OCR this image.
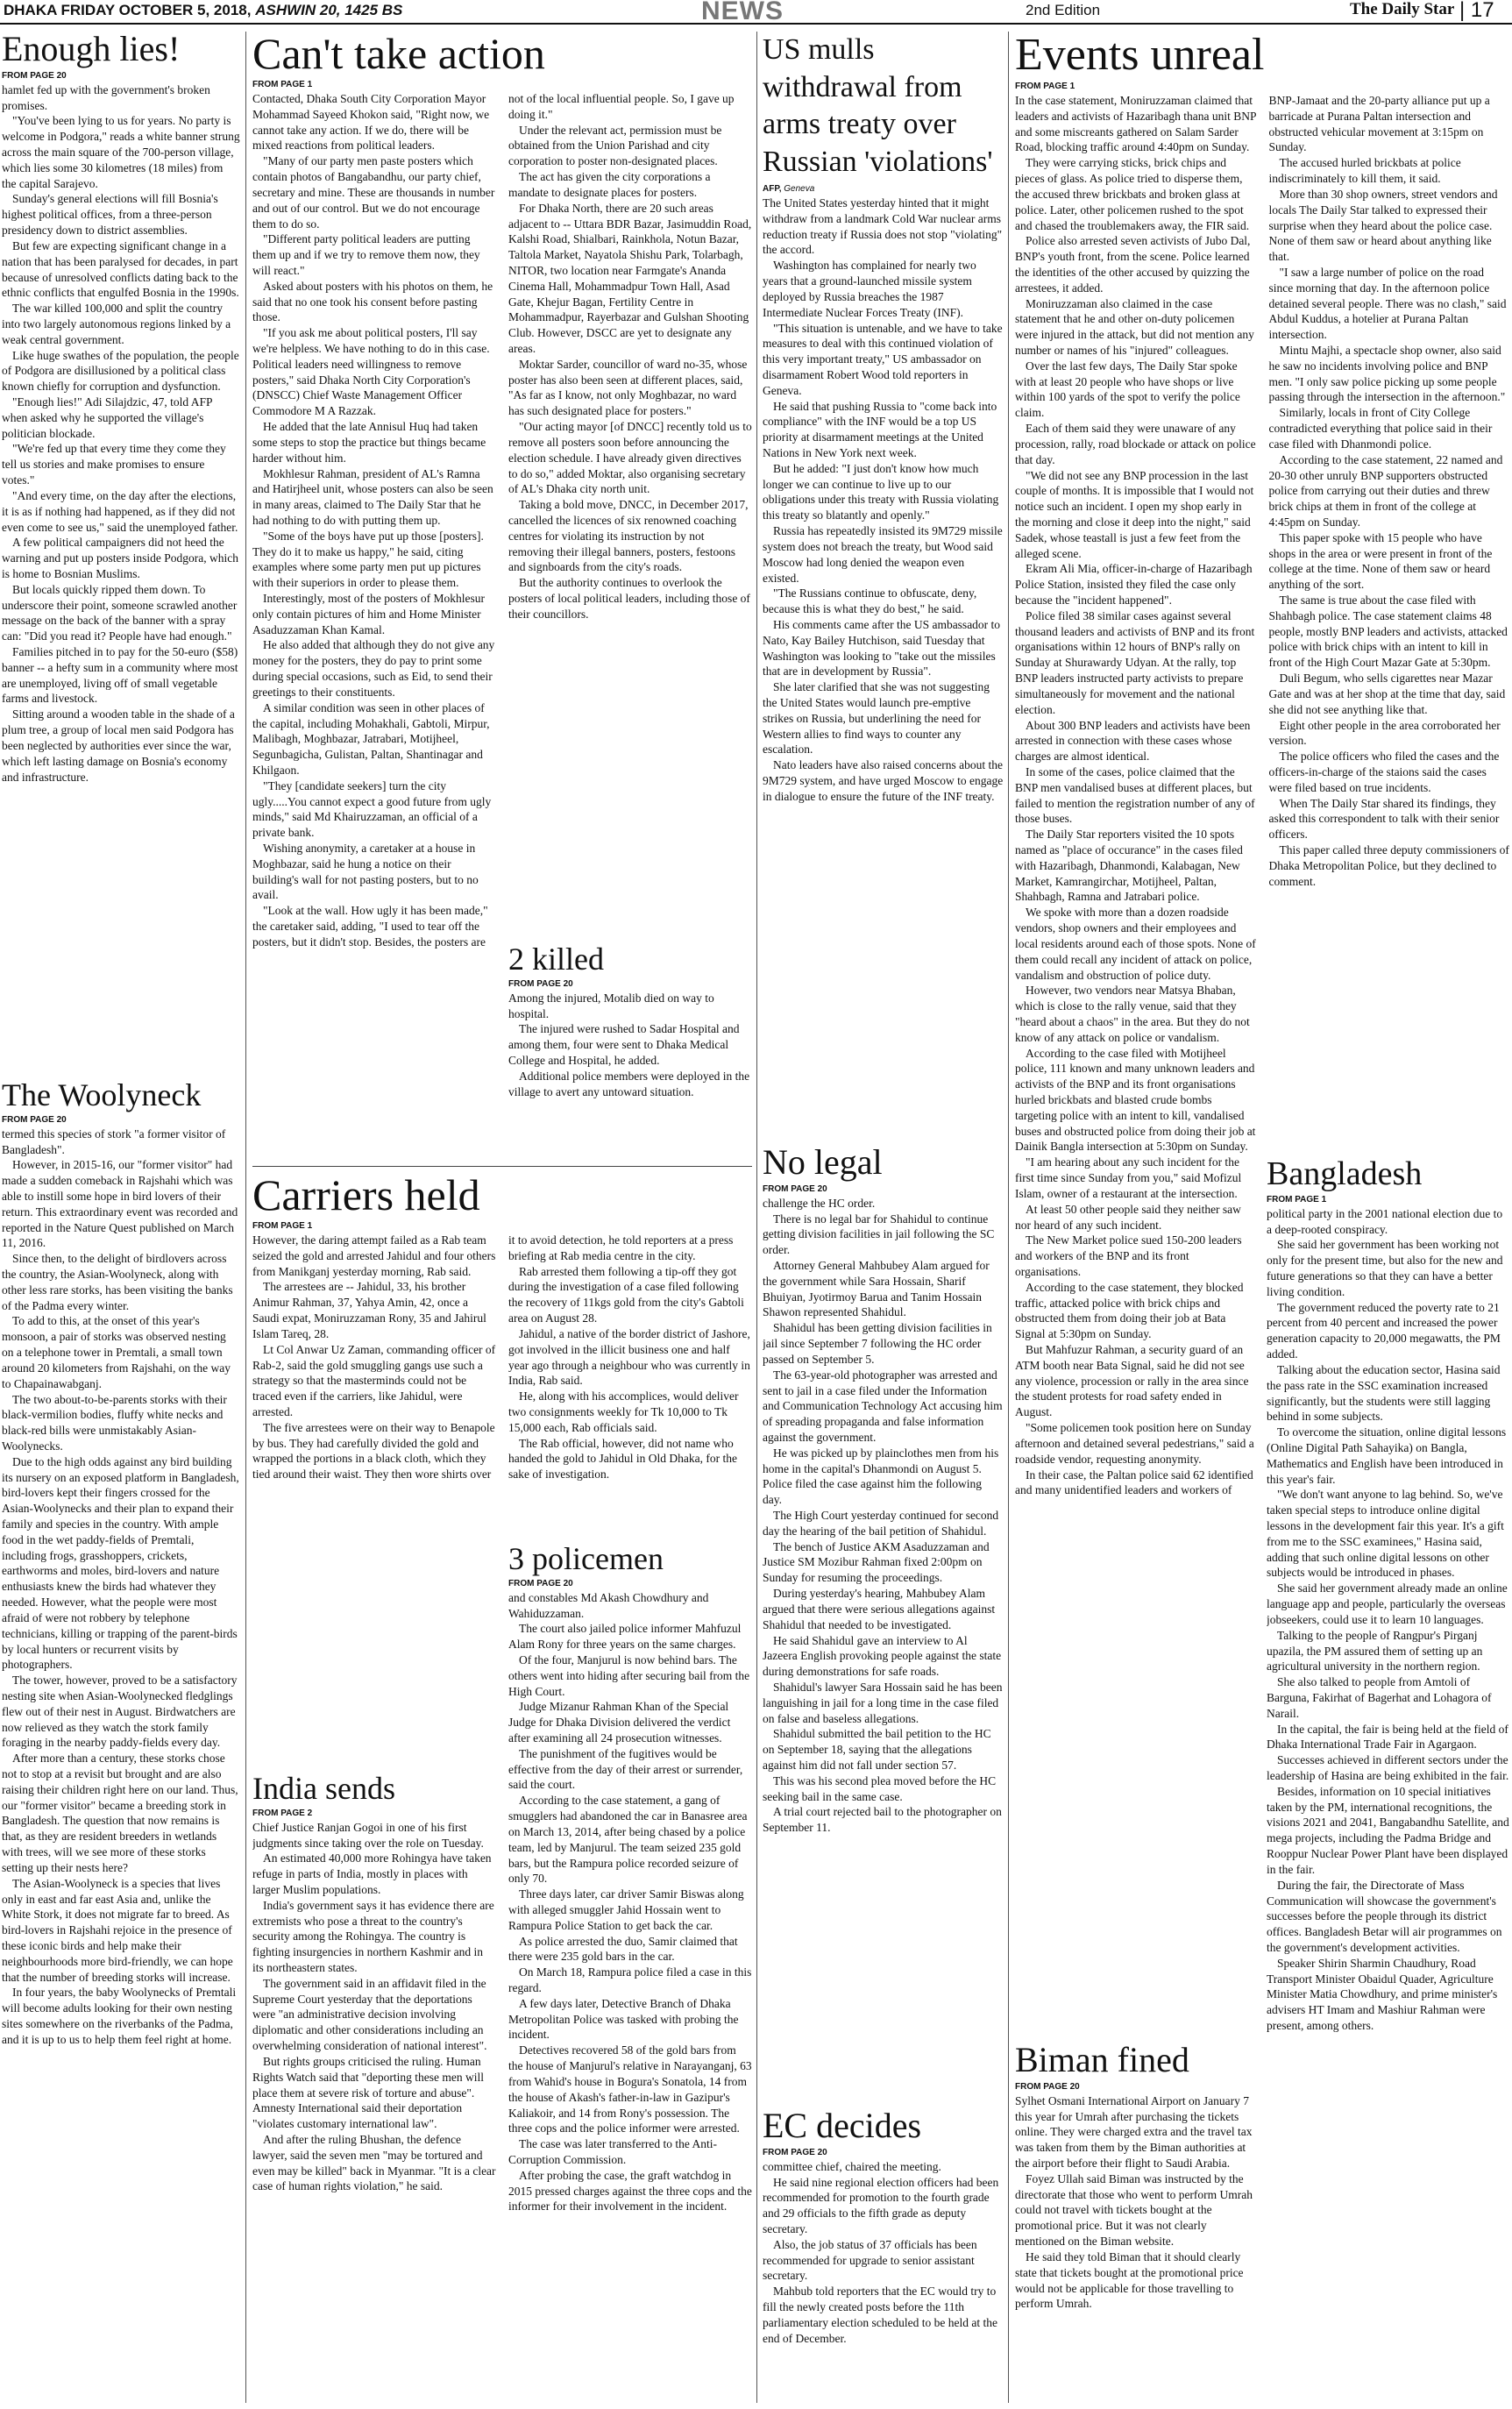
DHAKA FRIDAY OCTOBER 5, 2018, ASHWIN 20, 1425 BS	NEWS	2nd Edition	The Daily Star | 17
Enough lies!
FROM PAGE 20

hamlet fed up with the government's broken promises.

"You've been lying to us for years. No party is welcome in Podgora," reads a white banner strung across the main square of the 700-person village, which lies some 30 kilometres (18 miles) from the capital Sarajevo.

Sunday's general elections will fill Bosnia's highest political offices, from a three-person presidency down to district assemblies.

But few are expecting significant change in a nation that has been paralysed for decades, in part because of unresolved conflicts dating back to the ethnic conflicts that engulfed Bosnia in the 1990s.

The war killed 100,000 and split the country into two largely autonomous regions linked by a weak central government.

Like huge swathes of the population, the people of Podgora are disillusioned by a political class known chiefly for corruption and dysfunction.

"Enough lies!" Adi Silajdzic, 47, told AFP when asked why he supported the village's politician blockade.

"We're fed up that every time they come they tell us stories and make promises to ensure votes."

"And every time, on the day after the elections, it is as if nothing had happened, as if they did not even come to see us," said the unemployed father.

A few political campaigners did not heed the warning and put up posters inside Podgora, which is home to Bosnian Muslims.

But locals quickly ripped them down. To underscore their point, someone scrawled another message on the back of the banner with a spray can: "Did you read it? People have had enough."

Families pitched in to pay for the 50-euro ($58) banner -- a hefty sum in a community where most are unemployed, living off of small vegetable farms and livestock.

Sitting around a wooden table in the shade of a plum tree, a group of local men said Podgora has been neglected by authorities ever since the war, which left lasting damage on Bosnia's economy and infrastructure.

The Woolyneck
FROM PAGE 20

termed this species of stork "a former visitor of Bangladesh".

However, in 2015-16, our "former visitor" had made a sudden comeback in Rajshahi which was able to instill some hope in bird lovers of their return. This extraordinary event was recorded and reported in the Nature Quest published on March 11, 2016.

Since then, to the delight of birdlovers across the country, the Asian-Woolyneck, along with other less rare storks, has been visiting the banks of the Padma every winter.

To add to this, at the onset of this year's monsoon, a pair of storks was observed nesting on a telephone tower in Premtali, a small town around 20 kilometers from Rajshahi, on the way to Chapainawabganj.

The two about-to-be-parents storks with their black-vermilion bodies, fluffy white necks and black-red bills were unmistakably Asian-Woolynecks.

Due to the high odds against any bird building its nursery on an exposed platform in Bangladesh, bird-lovers kept their fingers crossed for the Asian-Woolynecks and their plan to expand their family and species in the country. With ample food in the wet paddy-fields of Premtali, including frogs, grasshoppers, crickets, earthworms and moles, bird-lovers and nature enthusiasts knew the birds had whatever they needed. However, what the people were most afraid of were not robbery by telephone technicians, killing or trapping of the parent-birds by local hunters or recurrent visits by photographers.

The tower, however, proved to be a satisfactory nesting site when Asian-Woolynecked fledglings flew out of their nest in August. Birdwatchers are now relieved as they watch the stork family foraging in the nearby paddy-fields every day.

After more than a century, these storks chose not to stop at a revisit but brought and are also raising their children right here on our land. Thus, our "former visitor" became a breeding stork in Bangladesh. The question that now remains is that, as they are resident breeders in wetlands with trees, will we see more of these storks setting up their nests here?

The Asian-Woolyneck is a species that lives only in east and far east Asia and, unlike the White Stork, it does not migrate far to breed. As bird-lovers in Rajshahi rejoice in the presence of these iconic birds and help make their neighbourhoods more bird-friendly, we can hope that the number of breeding storks will increase.

In four years, the baby Woolynecks of Premtali will become adults looking for their own nesting sites somewhere on the riverbanks of the Padma, and it is up to us to help them feel right at home.

Can't take action
FROM PAGE 1

Contacted, Dhaka South City Corporation Mayor Mohammad Sayeed Khokon said, "Right now, we cannot take any action. If we do, there will be mixed reactions from political leaders.

"Many of our party men paste posters which contain photos of Bangabandhu, our party chief, secretary and mine. These are thousands in number and out of our control. But we do not encourage them to do so.

"Different party political leaders are putting them up and if we try to remove them now, they will react."

Asked about posters with his photos on them, he said that no one took his consent before pasting those.

"If you ask me about political posters, I'll say we're helpless. We have nothing to do in this case. Political leaders need willingness to remove posters," said Dhaka North City Corporation's (DNSCC) Chief Waste Management Officer Commodore M A Razzak.

He added that the late Annisul Huq had taken some steps to stop the practice but things became harder without him.

Mokhlesur Rahman, president of AL's Ramna and Hatirjheel unit, whose posters can also be seen in many areas, claimed to The Daily Star that he had nothing to do with putting them up.

"Some of the boys have put up those [posters]. They do it to make us happy," he said, citing examples where some party men put up pictures with their superiors in order to please them.

Interestingly, most of the posters of Mokhlesur only contain pictures of him and Home Minister Asaduzzaman Khan Kamal.

He also added that although they do not give any money for the posters, they do pay to print some during special occasions, such as Eid, to send their greetings to their constituents.

A similar condition was seen in other places of the capital, including Mohakhali, Gabtoli, Mirpur, Malibagh, Moghbazar, Jatrabari, Motijheel, Segunbagicha, Gulistan, Paltan, Shantinagar and Khilgaon.

"They [candidate seekers] turn the city ugly.....You cannot expect a good future from ugly minds," said Md Khairuzzaman, an official of a private bank.

Wishing anonymity, a caretaker at a house in Moghbazar, said he hung a notice on their building's wall for not pasting posters, but to no avail.

"Look at the wall. How ugly it has been made," the caretaker said, adding, "I used to tear off the posters, but it didn't stop. Besides, the posters are not of the local influential people. So, I gave up doing it."

Under the relevant act, permission must be obtained from the Union Parishad and city corporation to poster non-designated places.

The act has given the city corporations a mandate to designate places for posters.

For Dhaka North, there are 20 such areas adjacent to -- Uttara BDR Bazar, Jasimuddin Road, Kalshi Road, Shialbari, Rainkhola, Notun Bazar, Taltola Market, Nayatola Shishu Park, Tolarbagh, NITOR, two location near Farmgate's Ananda Cinema Hall, Mohammadpur Town Hall, Asad Gate, Khejur Bagan, Fertility Centre in Mohammadpur, Rayerbazar and Gulshan Shooting Club. However, DSCC are yet to designate any areas.

Moktar Sarder, councillor of ward no-35, whose poster has also been seen at different places, said, "As far as I know, not only Moghbazar, no ward has such designated place for posters."

"Our acting mayor [of DNCC] recently told us to remove all posters soon before announcing the election schedule. I have already given directives to do so," added Moktar, also organising secretary of AL's Dhaka city north unit.

Taking a bold move, DNCC, in December 2017, cancelled the licences of six renowned coaching centres for violating its instruction by not removing their illegal banners, posters, festoons and signboards from the city's roads.

But the authority continues to overlook the posters of local political leaders, including those of their councillors.

2 killed
FROM PAGE 20

Among the injured, Motalib died on way to hospital.

The injured were rushed to Sadar Hospital and among them, four were sent to Dhaka Medical College and Hospital, he added.

Additional police members were deployed in the village to avert any untoward situation.

Carriers held
FROM PAGE 1

However, the daring attempt failed as a Rab team seized the gold and arrested Jahidul and four others from Manikganj yesterday morning, Rab said.

The arrestees are -- Jahidul, 33, his brother Animur Rahman, 37, Yahya Amin, 42, once a Saudi expat, Moniruzzaman Rony, 35 and Jahirul Islam Tareq, 28.

Lt Col Anwar Uz Zaman, commanding officer of Rab-2, said the gold smuggling gangs use such a strategy so that the masterminds could not be traced even if the carriers, like Jahidul, were arrested.

The five arrestees were on their way to Benapole by bus. They had carefully divided the gold and wrapped the portions in a black cloth, which they tied around their waist. They then wore shirts over it to avoid detection, he told reporters at a press briefing at Rab media centre in the city.

Rab arrested them following a tip-off they got during the investigation of a case filed following the recovery of 11kgs gold from the city's Gabtoli area on August 28.

Jahidul, a native of the border district of Jashore, got involved in the illicit business one and half year ago through a neighbour who was currently in India, Rab said.

He, along with his accomplices, would deliver two consignments weekly for Tk 10,000 to Tk 15,000 each, Rab officials said.

The Rab official, however, did not name who handed the gold to Jahidul in Old Dhaka, for the sake of investigation.

3 policemen
FROM PAGE 20

and constables Md Akash Chowdhury and Wahiduzzaman.

The court also jailed police informer Mahfuzul Alam Rony for three years on the same charges.

Of the four, Manjurul is now behind bars. The others went into hiding after securing bail from the High Court.

Judge Mizanur Rahman Khan of the Special Judge for Dhaka Division delivered the verdict after examining all 24 prosecution witnesses.

The punishment of the fugitives would be effective from the day of their arrest or surrender, said the court.

According to the case statement, a gang of smugglers had abandoned the car in Banasree area on March 13, 2014, after being chased by a police team, led by Manjurul. The team seized 235 gold bars, but the Rampura police recorded seizure of only 70.

Three days later, car driver Samir Biswas along with alleged smuggler Jahid Hossain went to Rampura Police Station to get back the car.

As police arrested the duo, Samir claimed that there were 235 gold bars in the car.

On March 18, Rampura police filed a case in this regard.

A few days later, Detective Branch of Dhaka Metropolitan Police was tasked with probing the incident.

Detectives recovered 58 of the gold bars from the house of Manjurul's relative in Narayanganj, 63 from Wahid's house in Bogura's Sonatola, 14 from the house of Akash's father-in-law in Gazipur's Kaliakoir, and 14 from Rony's possession. The three cops and the police informer were arrested.

The case was later transferred to the Anti-Corruption Commission.

After probing the case, the graft watchdog in 2015 pressed charges against the three cops and the informer for their involvement in the incident.

India sends
FROM PAGE 2

Chief Justice Ranjan Gogoi in one of his first judgments since taking over the role on Tuesday.

An estimated 40,000 more Rohingya have taken refuge in parts of India, mostly in places with larger Muslim populations.

India's government says it has evidence there are extremists who pose a threat to the country's security among the Rohingya. The country is fighting insurgencies in northern Kashmir and in its northeastern states.

The government said in an affidavit filed in the Supreme Court yesterday that the deportations were "an administrative decision involving diplomatic and other considerations including an overwhelming consideration of national interest".

But rights groups criticised the ruling. Human Rights Watch said that "deporting these men will place them at severe risk of torture and abuse". Amnesty International said their deportation "violates customary international law".

And after the ruling Bhushan, the defence lawyer, said the seven men "may be tortured and even may be killed" back in Myanmar. "It is a clear case of human rights violation," he said.

US mulls withdrawal from arms treaty over Russian 'violations'
AFP, Geneva

The United States yesterday hinted that it might withdraw from a landmark Cold War nuclear arms reduction treaty if Russia does not stop "violating" the accord.

Washington has complained for nearly two years that a ground-launched missile system deployed by Russia breaches the 1987 Intermediate Nuclear Forces Treaty (INF).

"This situation is untenable, and we have to take measures to deal with this continued violation of this very important treaty," US ambassador on disarmament Robert Wood told reporters in Geneva.

He said that pushing Russia to "come back into compliance" with the INF would be a top US priority at disarmament meetings at the United Nations in New York next week.

But he added: "I just don't know how much longer we can continue to live up to our obligations under this treaty with Russia violating this treaty so blatantly and openly."

Russia has repeatedly insisted its 9M729 missile system does not breach the treaty, but Wood said Moscow had long denied the weapon even existed.

"The Russians continue to obfuscate, deny, because this is what they do best," he said.

His comments came after the US ambassador to Nato, Kay Bailey Hutchison, said Tuesday that Washington was looking to "take out the missiles that are in development by Russia".

She later clarified that she was not suggesting the United States would launch pre-emptive strikes on Russia, but underlining the need for Western allies to find ways to counter any escalation.

Nato leaders have also raised concerns about the 9M729 system, and have urged Moscow to engage in dialogue to ensure the future of the INF treaty.

No legal
FROM PAGE 20

challenge the HC order.

There is no legal bar for Shahidul to continue getting division facilities in jail following the SC order.

Attorney General Mahbubey Alam argued for the government while Sara Hossain, Sharif Bhuiyan, Jyotirmoy Barua and Tanim Hossain Shawon represented Shahidul.

Shahidul has been getting division facilities in jail since September 7 following the HC order passed on September 5.

The 63-year-old photographer was arrested and sent to jail in a case filed under the Information and Communication Technology Act accusing him of spreading propaganda and false information against the government.

He was picked up by plainclothes men from his home in the capital's Dhanmondi on August 5. Police filed the case against him the following day.

The High Court yesterday continued for second day the hearing of the bail petition of Shahidul.

The bench of Justice AKM Asaduzzaman and Justice SM Mozibur Rahman fixed 2:00pm on Sunday for resuming the proceedings.

During yesterday's hearing, Mahbubey Alam argued that there were serious allegations against Shahidul that needed to be investigated.

He said Shahidul gave an interview to Al Jazeera English provoking people against the state during demonstrations for safe roads.

Shahidul's lawyer Sara Hossain said he has been languishing in jail for a long time in the case filed on false and baseless allegations.

Shahidul submitted the bail petition to the HC on September 18, saying that the allegations against him did not fall under section 57.

This was his second plea moved before the HC seeking bail in the same case.

A trial court rejected bail to the photographer on September 11.

EC decides
FROM PAGE 20

committee chief, chaired the meeting.

He said nine regional election officers had been recommended for promotion to the fourth grade and 29 officials to the fifth grade as deputy secretary.

Also, the job status of 37 officials has been recommended for upgrade to senior assistant secretary.

Mahbub told reporters that the EC would try to fill the newly created posts before the 11th parliamentary election scheduled to be held at the end of December.

Events unreal
FROM PAGE 1

In the case statement, Moniruzzaman claimed that leaders and activists of Hazaribagh thana unit BNP and some miscreants gathered on Salam Sarder Road, blocking traffic around 4:40pm on Sunday.

They were carrying sticks, brick chips and pieces of glass. As police tried to disperse them, the accused threw brickbats and broken glass at police. Later, other policemen rushed to the spot and chased the troublemakers away, the FIR said.

Police also arrested seven activists of Jubo Dal, BNP's youth front, from the scene. Police learned the identities of the other accused by quizzing the arrestees, it added.

Moniruzzaman also claimed in the case statement that he and other on-duty policemen were injured in the attack, but did not mention any number or names of his "injured" colleagues.

Over the last few days, The Daily Star spoke with at least 20 people who have shops or live within 100 yards of the spot to verify the police claim.

Each of them said they were unaware of any procession, rally, road blockade or attack on police that day.

"We did not see any BNP procession in the last couple of months. It is impossible that I would not notice such an incident. I open my shop early in the morning and close it deep into the night," said Sadek, whose teastall is just a few feet from the alleged scene.

Ekram Ali Mia, officer-in-charge of Hazaribagh Police Station, insisted they filed the case only because the "incident happened".

Police filed 38 similar cases against several thousand leaders and activists of BNP and its front organisations within 12 hours of BNP's rally on Sunday at Shurawardy Udyan. At the rally, top BNP leaders instructed party activists to prepare simultaneously for movement and the national election.

About 300 BNP leaders and activists have been arrested in connection with these cases whose charges are almost identical.

In some of the cases, police claimed that the BNP men vandalised buses at different places, but failed to mention the registration number of any of those buses.

The Daily Star reporters visited the 10 spots named as "place of occurance" in the cases filed with Hazaribagh, Dhanmondi, Kalabagan, New Market, Kamrangirchar, Motijheel, Paltan, Shahbagh, Ramna and Jatrabari police.

We spoke with more than a dozen roadside vendors, shop owners and their employees and local residents around each of those spots. None of them could recall any incident of attack on police, vandalism and obstruction of police duty.

However, two vendors near Matsya Bhaban, which is close to the rally venue, said that they "heard about a chaos" in the area. But they do not know of any attack on police or vandalism.

According to the case filed with Motijheel police, 111 known and many unknown leaders and activists of the BNP and its front organisations hurled brickbats and blasted crude bombs targeting police with an intent to kill, vandalised buses and obstructed police from doing their job at Dainik Bangla intersection at 5:30pm on Sunday.

"I am hearing about any such incident for the first time since Sunday from you," said Mofizul Islam, owner of a restaurant at the intersection.

At least 50 other people said they neither saw nor heard of any such incident.

The New Market police sued 150-200 leaders and workers of the BNP and its front organisations.

According to the case statement, they blocked traffic, attacked police with brick chips and obstructed them from doing their job at Bata Signal at 5:30pm on Sunday.

But Mahfuzur Rahman, a security guard of an ATM booth near Bata Signal, said he did not see any violence, procession or rally in the area since the student protests for road safety ended in August.

"Some policemen took position here on Sunday afternoon and detained several pedestrians," said a roadside vendor, requesting anonymity.

In their case, the Paltan police said 62 identified and many unidentified leaders and workers of BNP-Jamaat and the 20-party alliance put up a barricade at Purana Paltan intersection and obstructed vehicular movement at 3:15pm on Sunday.

The accused hurled brickbats at police indiscriminately to kill them, it said.

More than 30 shop owners, street vendors and locals The Daily Star talked to expressed their surprise when they heard about the police case. None of them saw or heard about anything like that.

"I saw a large number of police on the road since morning that day. In the afternoon police detained several people. There was no clash," said Abdul Kuddus, a hotelier at Purana Paltan intersection.

Mintu Majhi, a spectacle shop owner, also said he saw no incidents involving police and BNP men. "I only saw police picking up some people passing through the intersection in the afternoon."

Similarly, locals in front of City College contradicted everything that police said in their case filed with Dhanmondi police.

According to the case statement, 22 named and 20-30 other unruly BNP supporters obstructed police from carrying out their duties and threw brick chips at them in front of the college at 4:45pm on Sunday.

This paper spoke with 15 people who have shops in the area or were present in front of the college at the time. None of them saw or heard anything of the sort.

The same is true about the case filed with Shahbagh police. The case statement claims 48 people, mostly BNP leaders and activists, attacked police with brick chips with an intent to kill in front of the High Court Mazar Gate at 5:30pm.

Duli Begum, who sells cigarettes near Mazar Gate and was at her shop at the time that day, said she did not see anything like that.

Eight other people in the area corroborated her version.

The police officers who filed the cases and the officers-in-charge of the staions said the cases were filed based on true incidents.

When The Daily Star shared its findings, they asked this correspondent to talk with their senior officers.

This paper called three deputy commissioners of Dhaka Metropolitan Police, but they declined to comment.

Biman fined
FROM PAGE 20

Sylhet Osmani International Airport on January 7 this year for Umrah after purchasing the tickets online. They were charged extra and the travel tax was taken from them by the Biman authorities at the airport before their flight to Saudi Arabia.

Foyez Ullah said Biman was instructed by the directorate that those who went to perform Umrah could not travel with tickets bought at the promotional price. But it was not clearly mentioned on the Biman website.

He said they told Biman that it should clearly state that tickets bought at the promotional price would not be applicable for those travelling to perform Umrah.

Bangladesh
FROM PAGE 1

political party in the 2001 national election due to a deep-rooted conspiracy.

She said her government has been working not only for the present time, but also for the new and future generations so that they can have a better living condition.

The government reduced the poverty rate to 21 percent from 40 percent and increased the power generation capacity to 20,000 megawatts, the PM added.

Talking about the education sector, Hasina said the pass rate in the SSC examination increased significantly, but the students were still lagging behind in some subjects.

To overcome the situation, online digital lessons (Online Digital Path Sahayika) on Bangla, Mathematics and English have been introduced in this year's fair.

"We don't want anyone to lag behind. So, we've taken special steps to introduce online digital lessons in the development fair this year. It's a gift from me to the SSC examinees," Hasina said, adding that such online digital lessons on other subjects would be introduced in phases.

She said her government already made an online language app and people, particularly the overseas jobseekers, could use it to learn 10 languages.

Talking to the people of Rangpur's Pirganj upazila, the PM assured them of setting up an agricultural university in the northern region.

She also talked to people from Amtoli of Barguna, Fakirhat of Bagerhat and Lohagora of Narail.

In the capital, the fair is being held at the field of Dhaka International Trade Fair in Agargaon.

Successes achieved in different sectors under the leadership of Hasina are being exhibited in the fair.

Besides, information on 10 special initiatives taken by the PM, international recognitions, the visions 2021 and 2041, Bangabandhu Satellite, and mega projects, including the Padma Bridge and Rooppur Nuclear Power Plant have been displayed in the fair.

During the fair, the Directorate of Mass Communication will showcase the government's successes before the people through its district offices. Bangladesh Betar will air programmes on the government's development activities.

Speaker Shirin Sharmin Chaudhury, Road Transport Minister Obaidul Quader, Agriculture Minister Matia Chowdhury, and prime minister's advisers HT Imam and Mashiur Rahman were present, among others.
